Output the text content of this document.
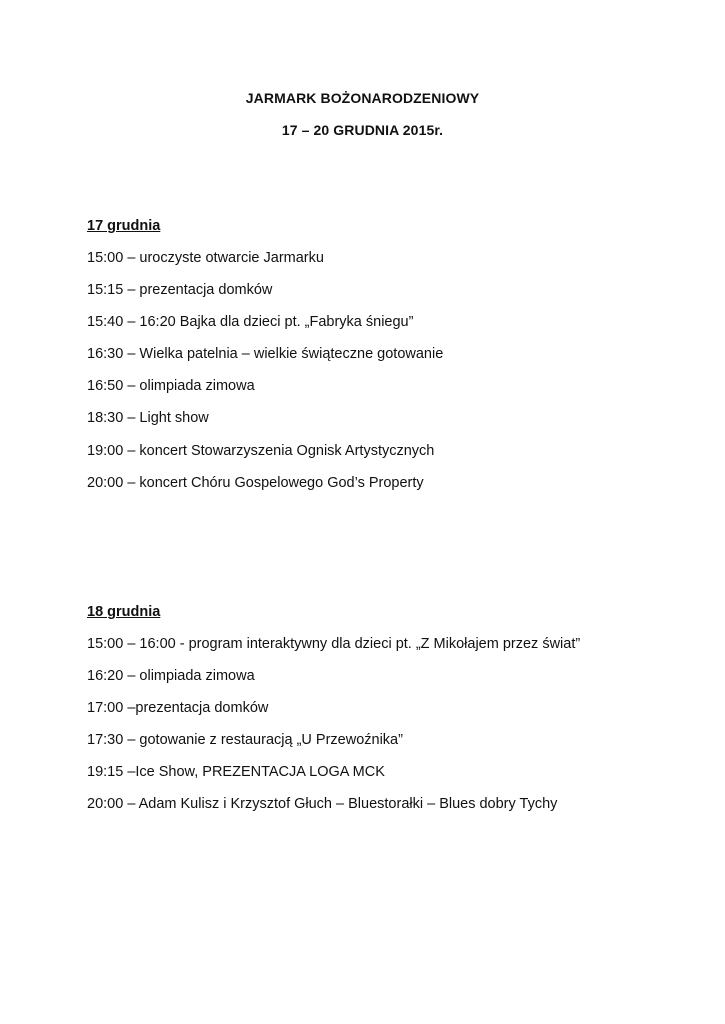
JARMARK BOŻONARODZENIOWY
17 – 20 GRUDNIA 2015r.
17 grudnia
15:00 – uroczyste otwarcie Jarmarku
15:15 – prezentacja domków
15:40 – 16:20 Bajka dla dzieci pt. „Fabryka śniegu”
16:30 – Wielka patelnia – wielkie świąteczne gotowanie
16:50 – olimpiada zimowa
18:30 – Light show
19:00 – koncert Stowarzyszenia Ognisk Artystycznych
20:00 – koncert Chóru Gospelowego God’s Property
18 grudnia
15:00 – 16:00 - program interaktywny dla dzieci pt. „Z Mikołajem przez świat”
16:20 – olimpiada zimowa
17:00 –prezentacja domków
17:30 – gotowanie z restauracją „U Przewoźnika”
19:15 –Ice Show, PREZENTACJA LOGA MCK
20:00 – Adam Kulisz i Krzysztof Głuch – Bluestorałki – Blues dobry Tychy
